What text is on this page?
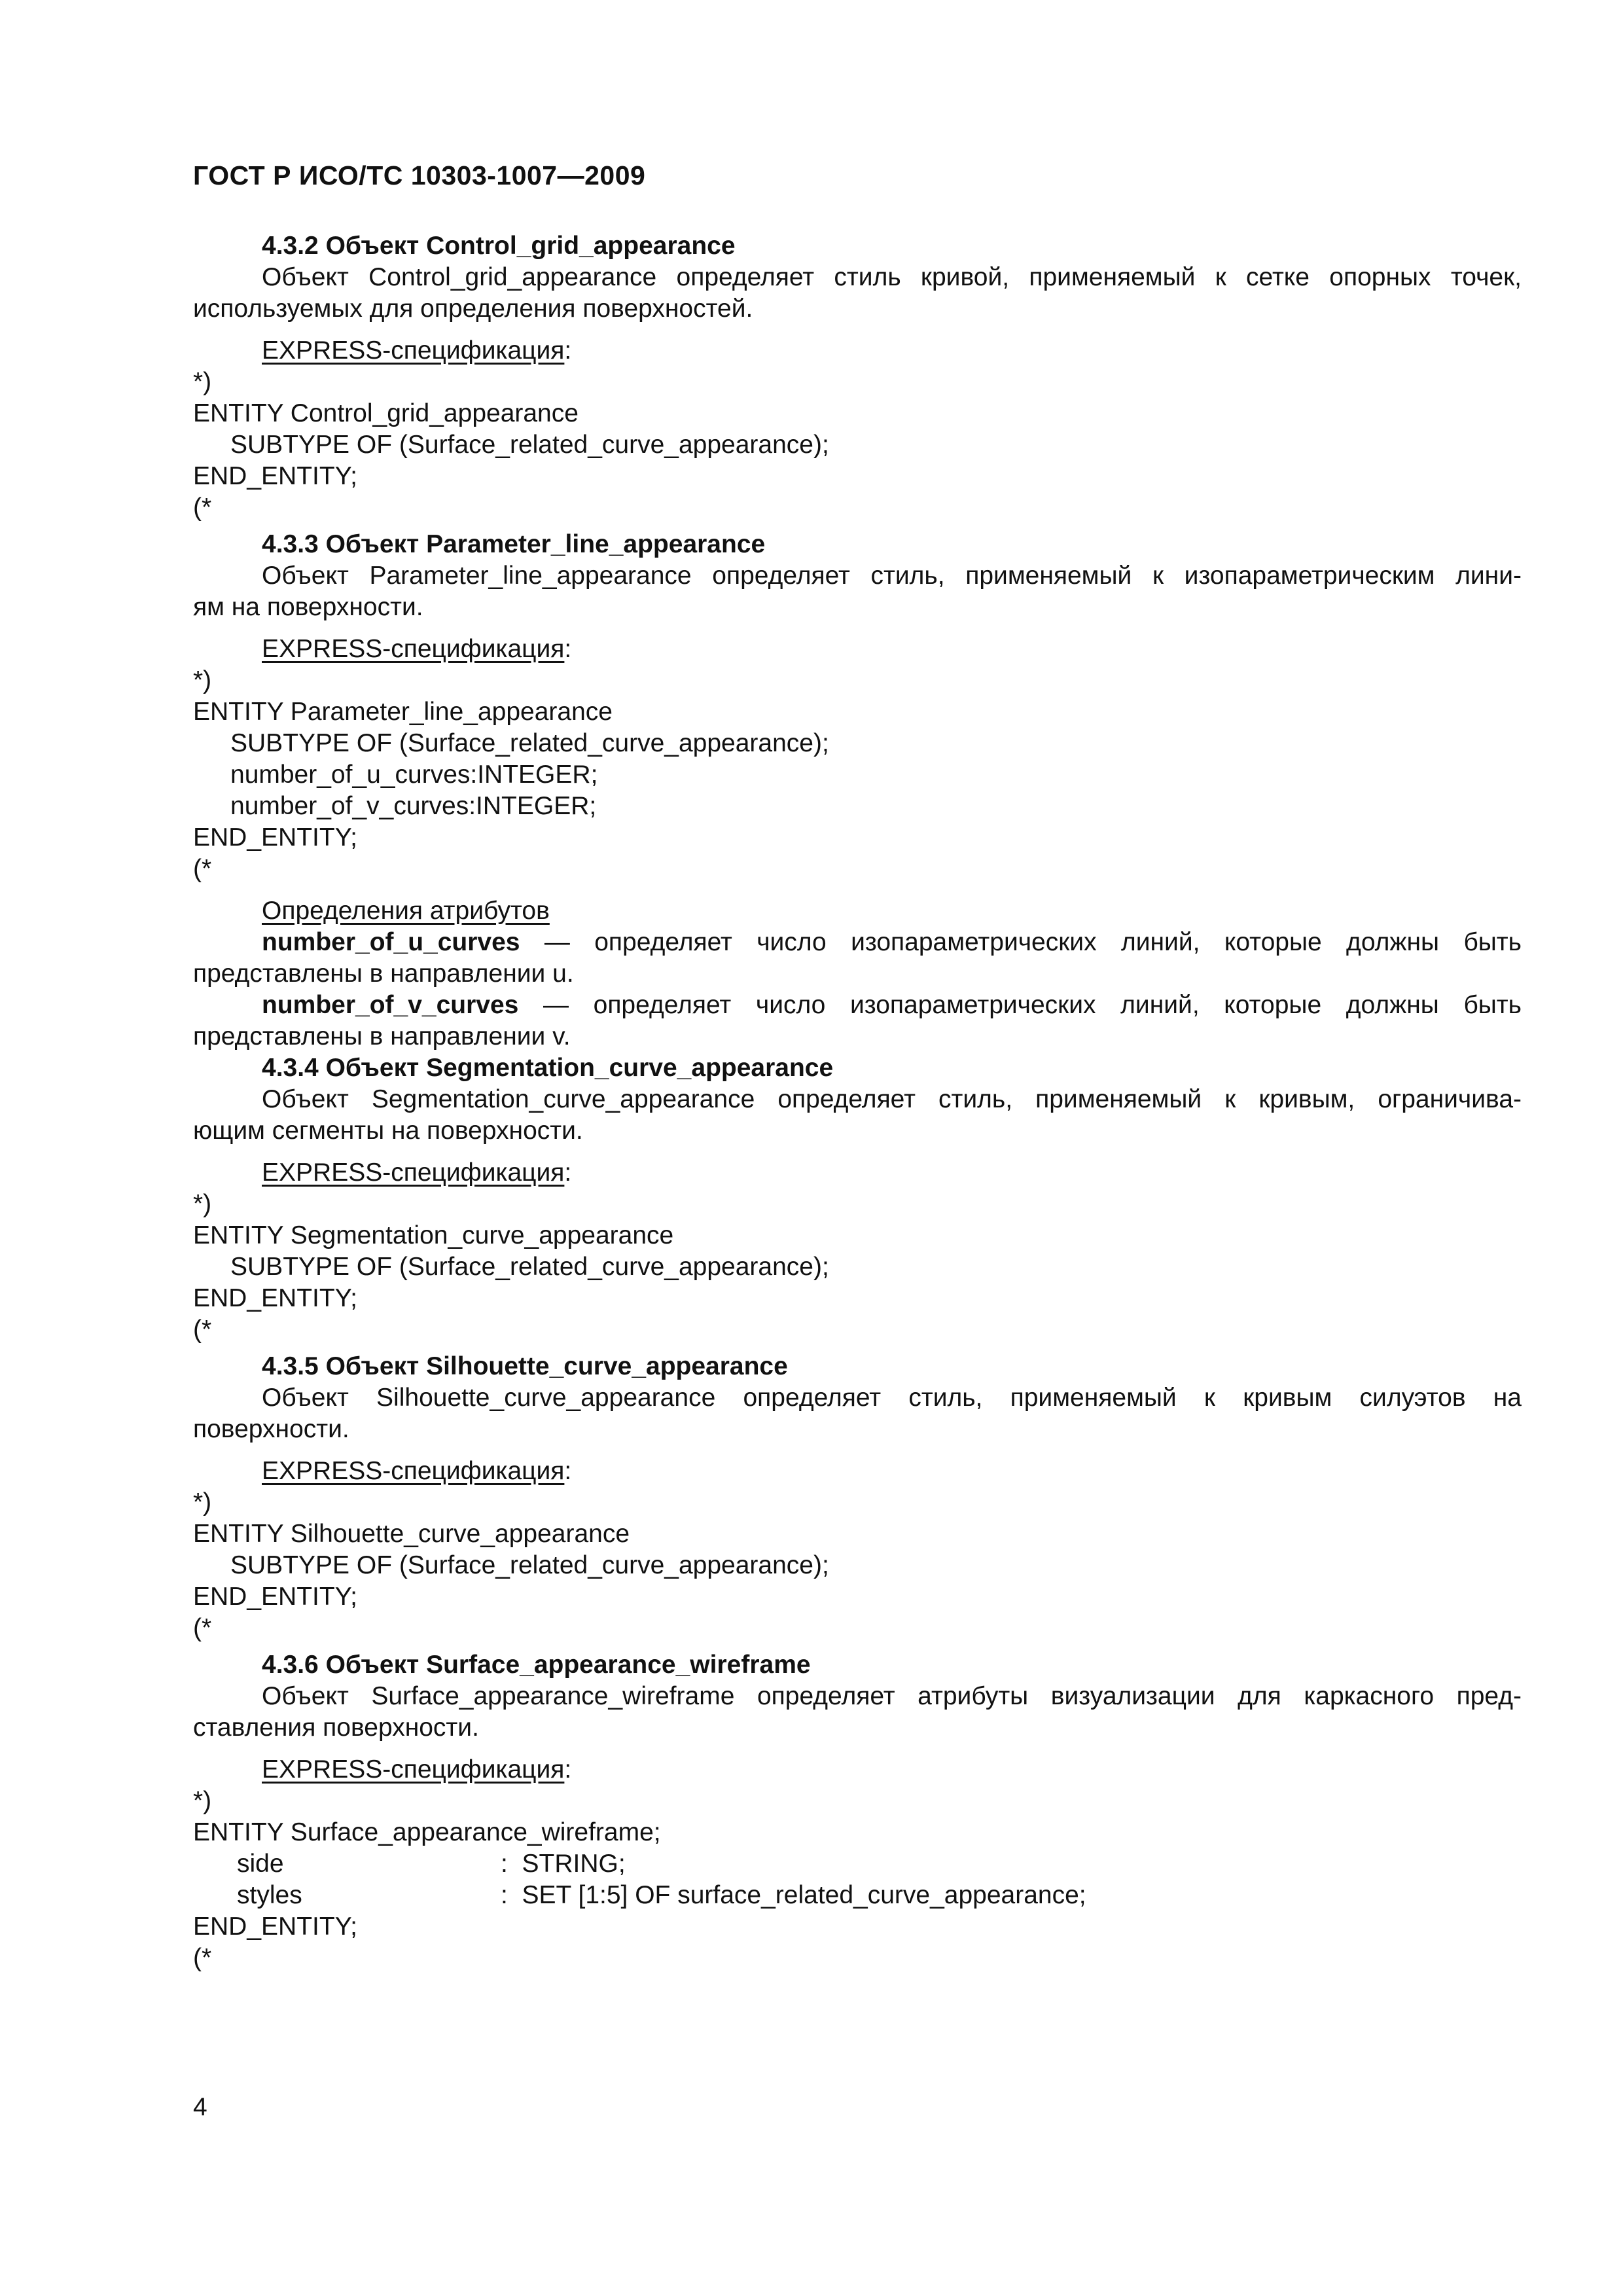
ГОСТ Р ИСО/ТС 10303-1007—2009
4.3.2 Объект Control_grid_appearance
Объект Control_grid_appearance определяет стиль кривой, применяемый к сетке опорных точек,
используемых для определения поверхностей.
EXPRESS-спецификация:
*)
ENTITY Control_grid_appearance
SUBTYPE OF (Surface_related_curve_appearance);
END_ENTITY;
(*
4.3.3 Объект Parameter_line_appearance
Объект Parameter_line_appearance определяет стиль, применяемый к изопараметрическим лини-
ям на поверхности.
EXPRESS-спецификация:
*)
ENTITY Parameter_line_appearance
SUBTYPE OF (Surface_related_curve_appearance);
number_of_u_curves:INTEGER;
number_of_v_curves:INTEGER;
END_ENTITY;
(*
Определения атрибутов
number_of_u_curves — определяет число изопараметрических линий, которые должны быть
представлены в направлении u.
number_of_v_curves — определяет число изопараметрических линий, которые должны быть
представлены в направлении v.
4.3.4 Объект Segmentation_curve_appearance
Объект Segmentation_curve_appearance определяет стиль, применяемый к кривым, ограничива-
ющим сегменты на поверхности.
EXPRESS-спецификация:
*)
ENTITY Segmentation_curve_appearance
SUBTYPE OF (Surface_related_curve_appearance);
END_ENTITY;
(*
4.3.5 Объект Silhouette_curve_appearance
Объект Silhouette_curve_appearance определяет стиль, применяемый к кривым силуэтов на
поверхности.
EXPRESS-спецификация:
*)
ENTITY Silhouette_curve_appearance
SUBTYPE OF (Surface_related_curve_appearance);
END_ENTITY;
(*
4.3.6 Объект Surface_appearance_wireframe
Объект Surface_appearance_wireframe определяет атрибуты визуализации для каркасного пред-
ставления поверхности.
EXPRESS-спецификация:
*)
ENTITY Surface_appearance_wireframe;
side	:  STRING;
styles	:  SET [1:5] OF surface_related_curve_appearance;
END_ENTITY;
(*
4
